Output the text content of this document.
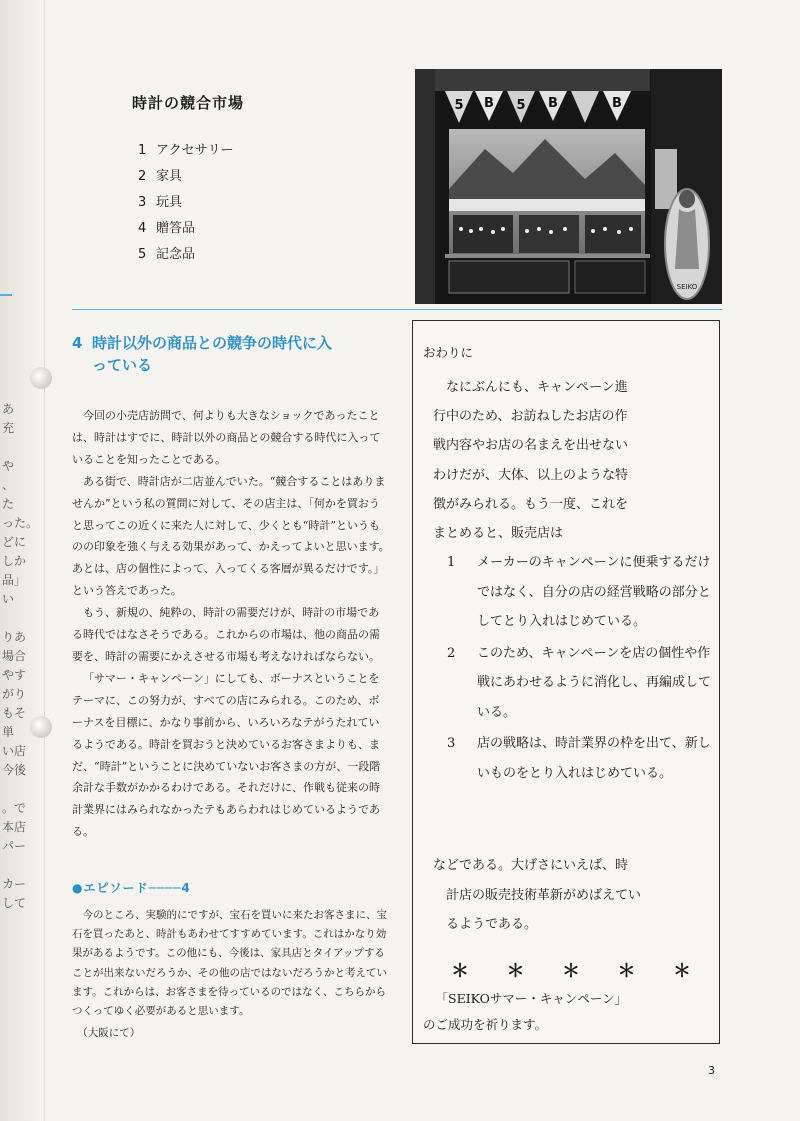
あ
充
や
、
た
った。
どに
しか
品」
い
りあ
場合
やす
がり
もそ
単
い店
今後
。で
本店
パー
カー
して
時計の競合市場
1 アクセサリー
2 家具
3 玩具
4 贈答品
5 記念品
5 B 5 B	B
SEIKO
4 時計以外の商品との競争の時代に入
っている

今回の小売店訪問で、何よりも大きなショックであったことは、時計はすでに、時計以外の商品との競合する時代に入っていることを知ったことである。

ある街で、時計店が二店並んでいた。“競合することはありませんか”という私の質問に対して、その店主は、「何かを買おうと思ってこの近くに来た人に対して、少くとも“時計”というものの印象を強く与える効果があって、かえってよいと思います。あとは、店の個性によって、入ってくる客層が異るだけです。」という答えであった。

もう、新規の、純粋の、時計の需要だけが、時計の市場である時代ではなさそうである。これからの市場は、他の商品の需要を、時計の需要にかえさせる市場も考えなければならない。

「サマー・キャンペーン」にしても、ボーナスということをテーマに、この努力が、すべての店にみられる。このため、ボーナスを目標に、かなり事前から、いろいろなテがうたれているようである。時計を買おうと決めているお客さまよりも、まだ、“時計”ということに決めていないお客さまの方が、一段階余計な手数がかかるわけである。それだけに、作戦も従来の時計業界にはみられなかったテもあらわれはじめているようである。

●エピソード────4

今のところ、実験的にですが、宝石を買いに来たお客さまに、宝石を買ったあと、時計もあわせてすすめています。これはかなり効果があるようです。この他にも、今後は、家具店とタイアップすることが出来ないだろうか、その他の店ではないだろうかと考えています。これからは、お客さまを待っているのではなく、こちらからつくってゆく必要があると思います。

（大阪にて）

おわりに

なにぶんにも、キャンペーン進
行中のため、お訪ねしたお店の作
戦内容やお店の名まえを出せない
わけだが、大体、以上のような特
徴がみられる。もう一度、これを
まとめると、販売店は

1	メーカーのキャンペーンに便乗するだけではなく、自分の店の経営戦略の部分としてとり入れはじめている。
2	このため、キャンペーンを店の個性や作戦にあわせるように消化し、再編成している。
3	店の戦略は、時計業界の枠を出て、新しいものをとり入れはじめている。

などである。大げさにいえば、時
計店の販売技術革新がめばえてい
るようである。

＊ ＊ ＊ ＊ ＊

「SEIKOサマー・キャンペーン」
のご成功を祈ります。

3
